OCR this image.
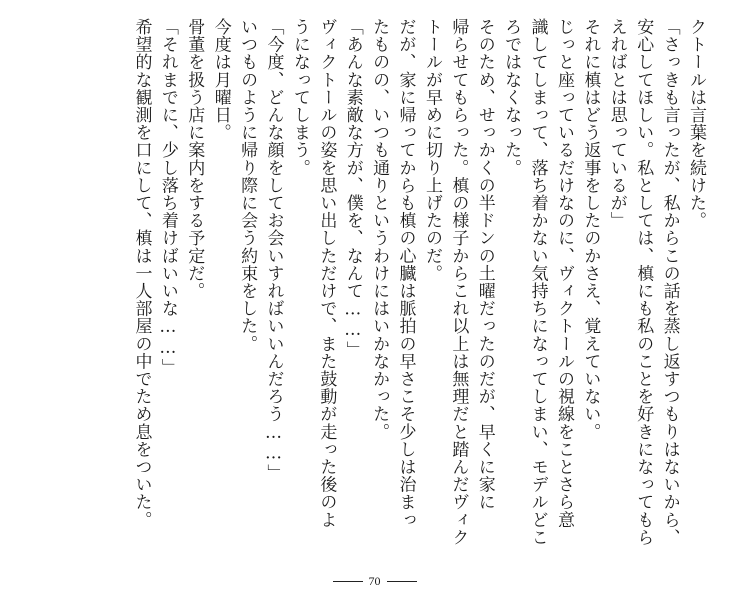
クトールは言葉を続けた。
「さっきも言ったが、私からこの話を蒸し返すつもりはないから、
安心してほしい。私としては、槙にも私のことを好きになってもら
えればとは思っているが」
それに槙はどう返事をしたのかさえ、覚えていない。
じっと座っているだけなのに、ヴィクトールの視線をことさら意
識してしまって、落ち着かない気持ちになってしまい、モデルどこ
ろではなくなった。
そのため、せっかくの半ドンの土曜だったのだが、早くに家に
帰らせてもらった。槙の様子からこれ以上は無理だと踏んだヴィク
トールが早めに切り上げたのだ。
だが、家に帰ってからも槙の心臓は脈拍の早さこそ少しは治まっ
たものの、いつも通りというわけにはいかなかった。
「あんな素敵な方が、僕を、なんて……」
ヴィクトールの姿を思い出しただけで、また鼓動が走った後のよ
うになってしまう。
「今度、どんな顔をしてお会いすればいいんだろう……」
いつものように帰り際に会う約束をした。
今度は月曜日。
骨董を扱う店に案内をする予定だ。
「それまでに、少し落ち着けばいいな……」
希望的な観測を口にして、槙は一人部屋の中でため息をついた。
70
